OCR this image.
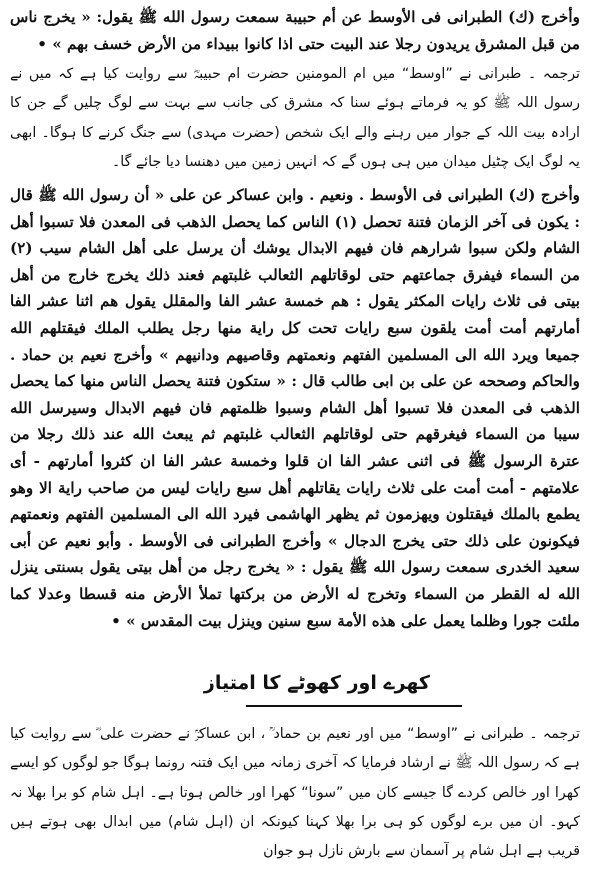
وأخرج (ك) الطبرانی فی الأوسط عن أم حبیبة سمعت رسول الله ﷺ يقول: « يخرج ناس من قبل المشرق يريدون رجلا عند البيت حتى اذا كانوا ببيداء من الأرض خسف بهم » •

ترجمہ ۔ طبرانی نے ”اوسط“ میں ام المومنین حضرت ام حبیبہؓ سے روایت کیا ہے کہ میں نے رسول اللہ ﷺ کو یہ فرماتے ہوئے سنا کہ مشرق کی جانب سے بہت سے لوگ چلیں گے جن کا ارادہ بیت اللہ کے جوار میں رہنے والے ایک شخص (حضرت مہدی) سے جنگ کرنے کا ہوگا۔ ابھی یہ لوگ ایک چٹیل میدان میں ہی ہوں گے کہ انہیں زمین میں دھنسا دیا جائے گا۔

وأخرج (ك) الطبرانی فی الأوسط . ونعیم . وابن عساکر عن علی « أن رسول الله ﷺ قال : يكون فى آخر الزمان فتنة تحصل (١) الناس كما يحصل الذهب فى المعدن فلا تسبوا أهل الشام ولكن سبوا شرارهم فان فيهم الابدال يوشك أن يرسل على أهل الشام سيب (٢) من السماء فيفرق جماعتهم حتى لوقاتلهم الثعالب غلبتهم فعند ذلك يخرج خارج من أهل بيتى فى ثلاث رايات المكثر يقول : هم خمسة عشر الفا والمقلل يقول هم اثنا عشر الفا أمارتهم أمت أمت يلقون سبع رايات تحت كل راية منها رجل يطلب الملك فيقتلهم الله جميعا ويرد الله الى المسلمين الفتهم ونعمتهم وقاصيهم ودانيهم » وأخرج نعيم بن حماد . والحاكم وصححه عن علی بن ابی طالب قال : « ستكون فتنة يحصل الناس منها كما يحصل الذهب فى المعدن فلا تسبوا أهل الشام وسبوا ظلمتهم فان فيهم الابدال وسيرسل الله سيبا من السماء فيغرقهم حتى لوقاتلهم الثعالب غلبتهم ثم يبعث الله عند ذلك رجلا من عترة الرسول ﷺ فى اثنى عشر الفا ان قلوا وخمسة عشر الفا ان كثروا أمارتهم - أى علامتهم - أمت أمت على ثلاث رايات يقاتلهم أهل سبع رايات ليس من صاحب راية الا وهو يطمع بالملك فيقتلون ويهزمون ثم يظهر الهاشمى فيرد الله الى المسلمين الفتهم ونعمتهم فيكونون على ذلك حتى يخرج الدجال » وأخرج الطبرانی فی الأوسط . وأبو نعيم عن أبى سعيد الخدرى سمعت رسول الله ﷺ يقول : « يخرج رجل من أهل بيتى يقول بسنتى ينزل الله له القطر من السماء وتخرج له الأرض من بركتها تملأ الأرض منه قسطا وعدلا كما ملئت جورا وظلما يعمل على هذه الأمة سبع سنين وينزل بيت المقدس » •

کھرے اور کھوٹے کا امتیاز

ترجمہ ۔ طبرانی نے ”اوسط“ میں اور نعیم بن حماد ؒ ، ابن عساکرؒ نے حضرت علی ؓ سے روایت کیا ہے کہ رسول اللہ ﷺ نے ارشاد فرمایا کہ آخری زمانہ میں ایک فتنہ رونما ہوگا جو لوگوں کو ایسے کھرا اور خالص کردے گا جیسے کان میں ”سونا“ کھرا اور خالص ہوتا ہے۔ اہل شام کو برا بھلا نہ کہو۔ ان میں برے لوگوں کو ہی برا بھلا کہنا کیونکہ ان (اہل شام) میں ابدال بھی ہوتے ہیں قریب ہے اہل شام پر آسمان سے بارش نازل ہو جوان
